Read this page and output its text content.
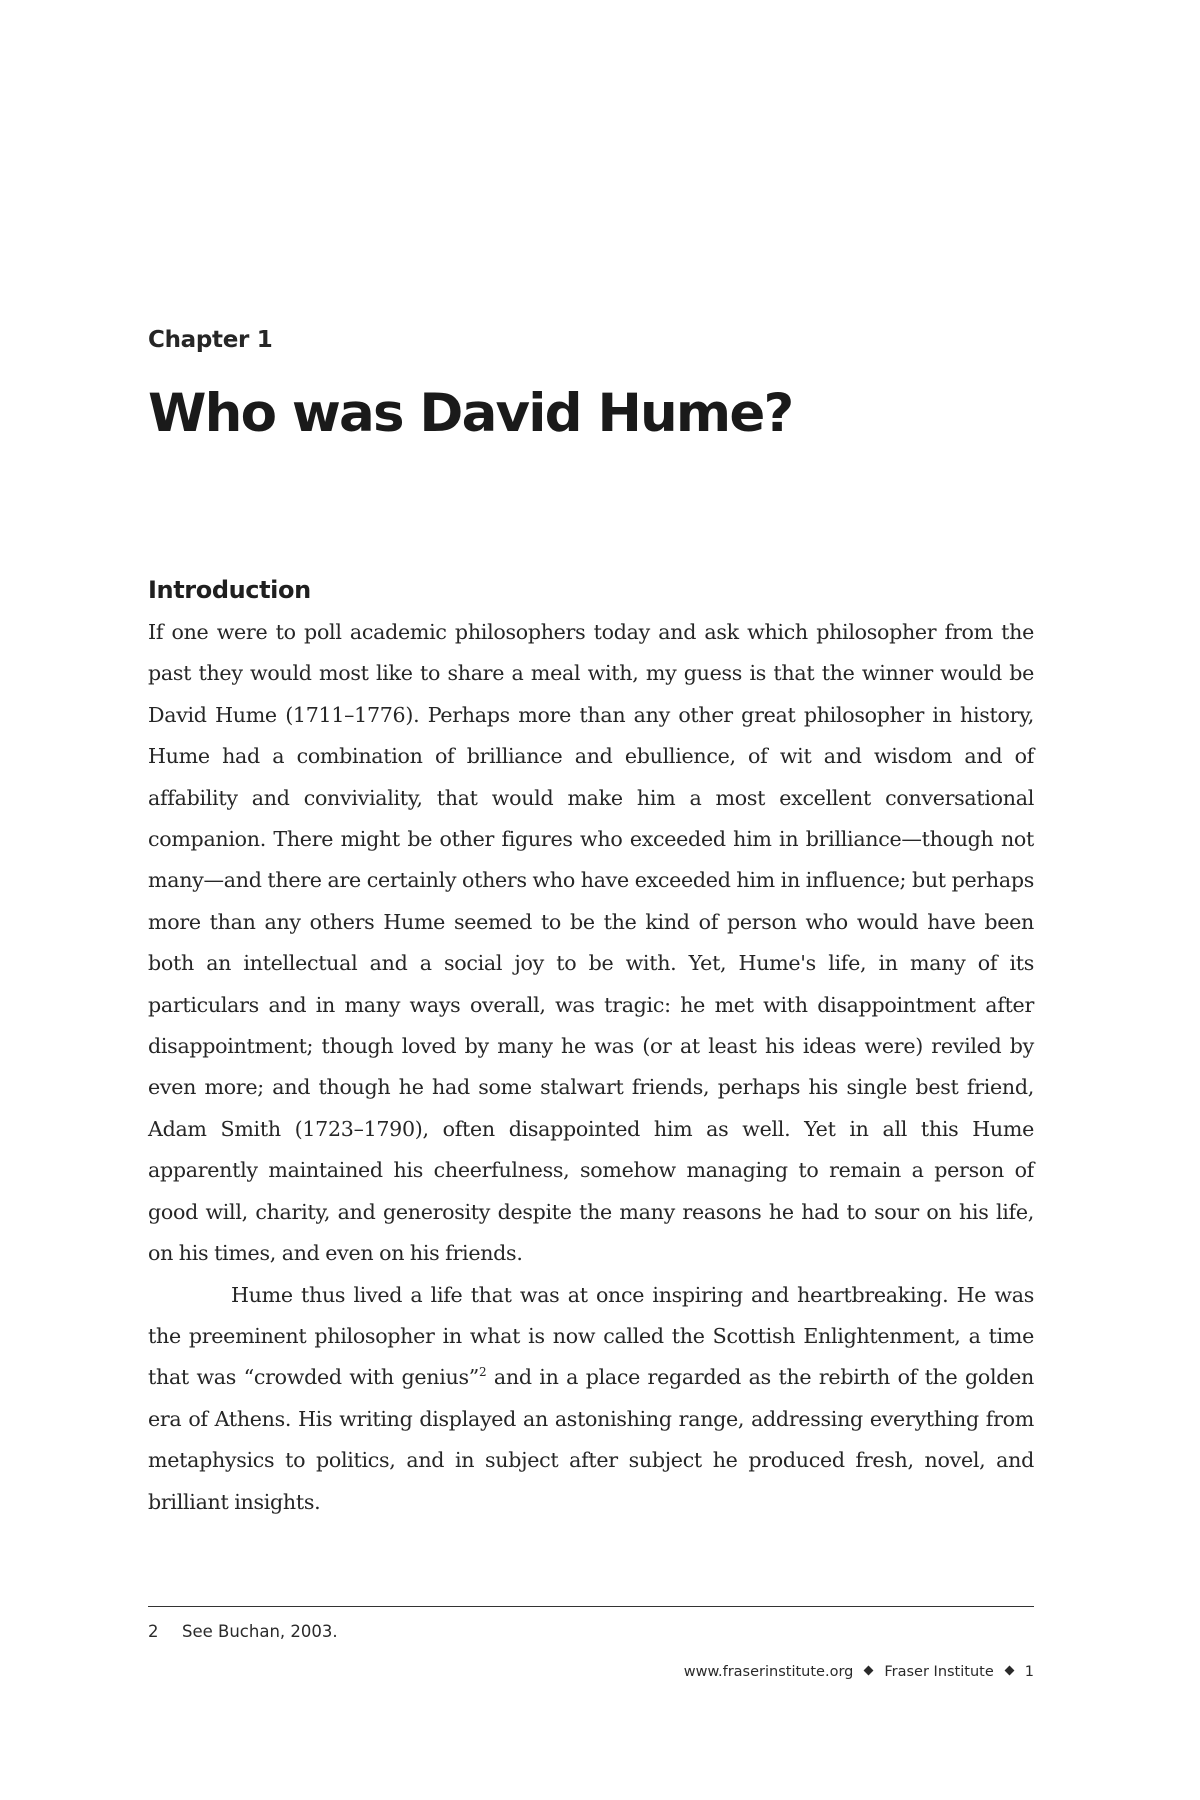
Chapter 1
Who was David Hume?
Introduction

If one were to poll academic philosophers today and ask which philosopher from the past they would most like to share a meal with, my guess is that the winner would be David Hume (1711–1776). Perhaps more than any other great philosopher in history, Hume had a combination of brilliance and ebullience, of wit and wisdom and of affability and conviviality, that would make him a most excellent conversational companion. There might be other figures who exceeded him in brilliance—though not many—and there are certainly others who have exceeded him in influence; but perhaps more than any others Hume seemed to be the kind of person who would have been both an intellectual and a social joy to be with. Yet, Hume's life, in many of its particulars and in many ways overall, was tragic: he met with disappointment after disappointment; though loved by many he was (or at least his ideas were) reviled by even more; and though he had some stalwart friends, perhaps his single best friend, Adam Smith (1723–1790), often disappointed him as well. Yet in all this Hume apparently maintained his cheerfulness, somehow managing to remain a person of good will, charity, and generosity despite the many reasons he had to sour on his life, on his times, and even on his friends.

Hume thus lived a life that was at once inspiring and heartbreaking. He was the preeminent philosopher in what is now called the Scottish Enlightenment, a time that was “crowded with genius”$^2$ and in a place regarded as the rebirth of the golden era of Athens. His writing displayed an astonishing range, addressing everything from metaphysics to politics, and in subject after subject he produced fresh, novel, and brilliant insights.

2 See Buchan, 2003.
www.fraserinstitute.org Fraser Institute 1
